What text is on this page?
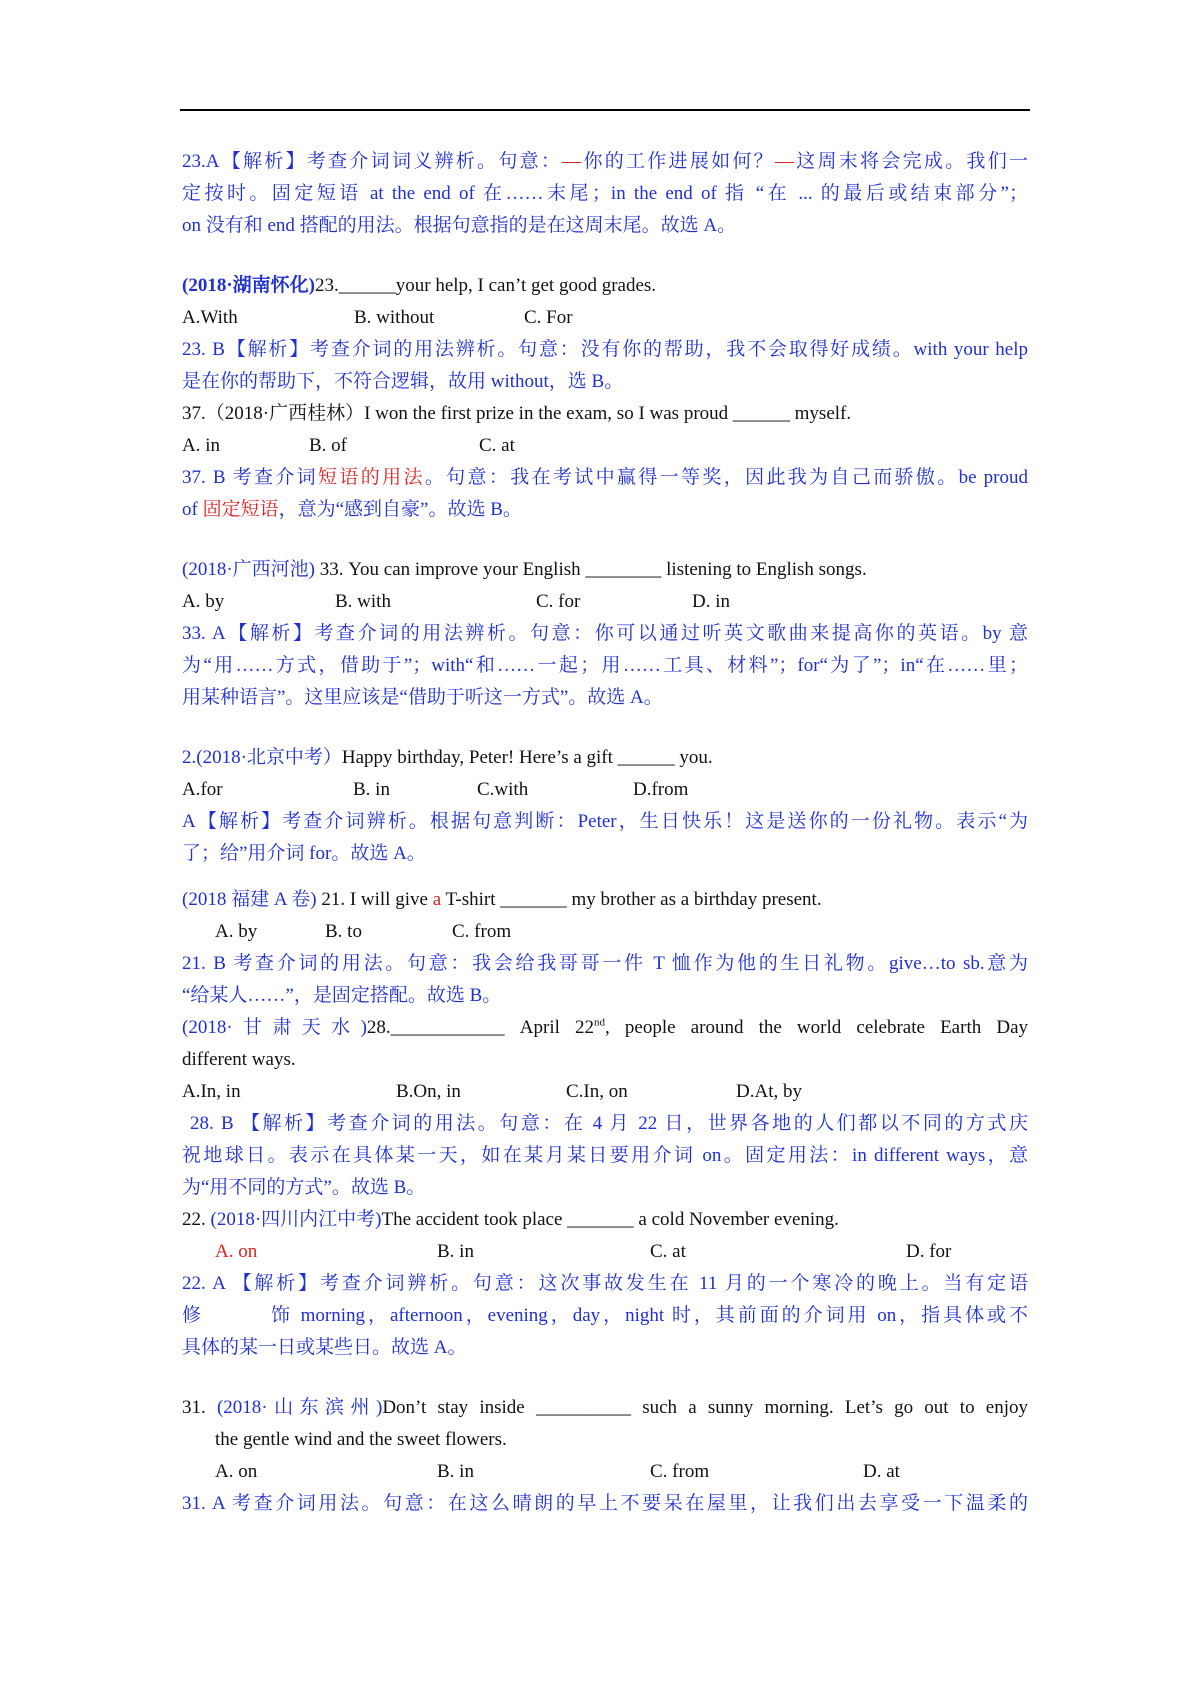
23.A【解析】考查介词词义辨析。句意：—你的工作进展如何？—这周末将会完成。我们一
定按时。固定短语 at the end of 在……末尾；in the end of 指 “在 ... 的最后或结束部分”；
on 没有和 end 搭配的用法。根据句意指的是在这周末尾。故选 A。
(2018·湖南怀化)23.______your help, I can’t get good grades.
A.With	B. without	C. For
23. B【解析】考查介词的用法辨析。句意：没有你的帮助，我不会取得好成绩。with your help
是在你的帮助下，不符合逻辑，故用 without，选 B。
37.（2018·广西桂林）I won the first prize in the exam, so I was proud ______ myself.
A. in	B. of	C. at
37. B 考查介词短语的用法。句意：我在考试中赢得一等奖，因此我为自己而骄傲。be proud
of 固定短语，意为“感到自豪”。故选 B。
(2018·广西河池) 33. You can improve your English ________ listening to English songs.
A. by	B. with	C. for	D. in
33. A【解析】考查介词的用法辨析。句意：你可以通过听英文歌曲来提高你的英语。by 意
为“用……方式，借助于”；with“和……一起；用……工具、材料”；for“为了”；in“在……里；
用某种语言”。这里应该是“借助于听这一方式”。故选 A。
2.(2018·北京中考）Happy birthday, Peter! Here’s a gift ______ you.
A.for	B. in	C.with	D.from
A【解析】考查介词辨析。根据句意判断：Peter，生日快乐！这是送你的一份礼物。表示“为
了；给”用介词 for。故选 A。
(2018 福建 A 卷) 21. I will give a T-shirt _______ my brother as a birthday present.
A. by	B. to	C. from
21. B 考查介词的用法。句意：我会给我哥哥一件 T 恤作为他的生日礼物。give…to sb.意为
“给某人……”，是固定搭配。故选 B。
(2018·甘肃天水)28.____________ April 22nd, people around the world celebrate Earth Day
different ways.
A.In, in	B.On, in	C.In, on	D.At, by
28. B 【解析】考查介词的用法。句意：在 4 月 22 日，世界各地的人们都以不同的方式庆
祝地球日。表示在具体某一天，如在某月某日要用介词 on。固定用法：in different ways，意
为“用不同的方式”。故选 B。
22. (2018·四川内江中考)The accident took place _______ a cold November evening.
A. on	B. in	C. at	D. for
22. A 【解析】考查介词辨析。句意：这次事故发生在 11 月的一个寒冷的晚上。当有定语
修	饰 morning，afternoon，evening，day，night 时，其前面的介词用 on，指具体或不
具体的某一日或某些日。故选 A。
31. (2018·山东滨州)Don’t stay inside __________ such a sunny morning. Let’s go out to enjoy
the gentle wind and the sweet flowers.
A. on	B. in	C. from	D. at
31. A 考查介词用法。句意：在这么晴朗的早上不要呆在屋里，让我们出去享受一下温柔的
